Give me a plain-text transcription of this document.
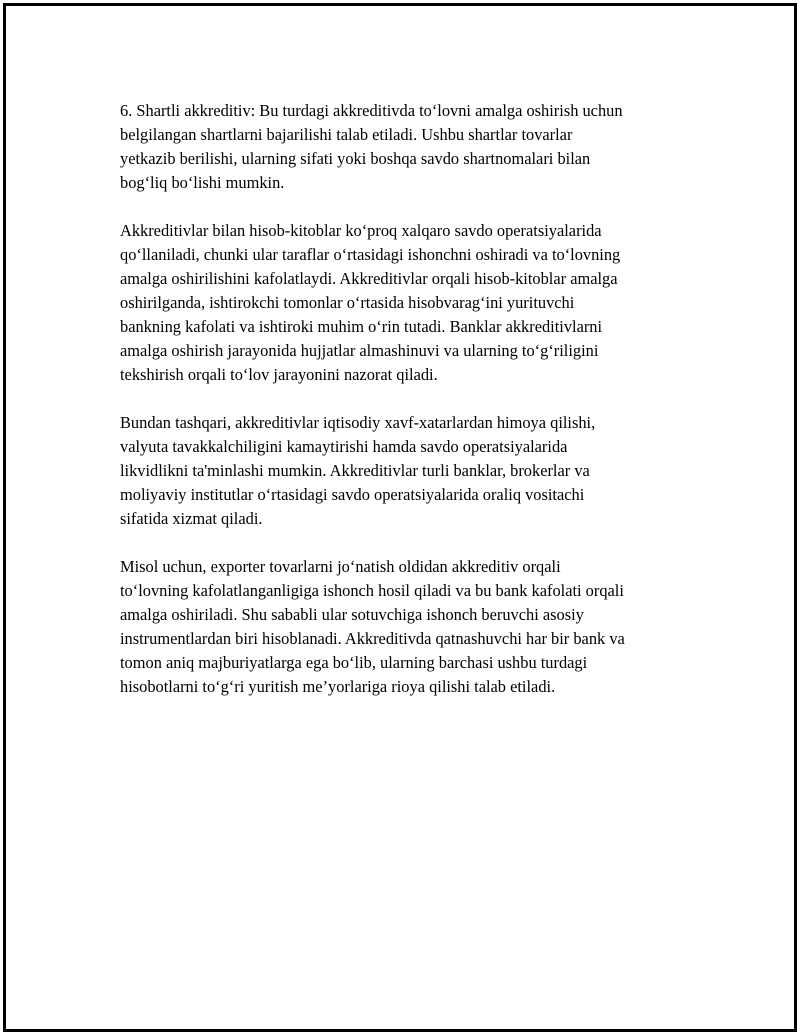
6. Shartli akkreditiv: Bu turdagi akkreditivda to‘lovni amalga oshirish uchun
belgilangan shartlarni bajarilishi talab etiladi. Ushbu shartlar tovarlar
yetkazib berilishi, ularning sifati yoki boshqa savdo shartnomalari bilan
bog‘liq bo‘lishi mumkin.

Akkreditivlar bilan hisob-kitoblar ko‘proq xalqaro savdo operatsiyalarida
qo‘llaniladi, chunki ular taraflar o‘rtasidagi ishonchni oshiradi va to‘lovning
amalga oshirilishini kafolatlaydi. Akkreditivlar orqali hisob-kitoblar amalga
oshirilganda, ishtirokchi tomonlar o‘rtasida hisobvarag‘ini yurituvchi
bankning kafolati va ishtiroki muhim o‘rin tutadi. Banklar akkreditivlarni
amalga oshirish jarayonida hujjatlar almashinuvi va ularning to‘g‘riligini
tekshirish orqali to‘lov jarayonini nazorat qiladi.

Bundan tashqari, akkreditivlar iqtisodiy xavf-xatarlardan himoya qilishi,
valyuta tavakkalchiligini kamaytirishi hamda savdo operatsiyalarida
likvidlikni ta'minlashi mumkin. Akkreditivlar turli banklar, brokerlar va
moliyaviy institutlar o‘rtasidagi savdo operatsiyalarida oraliq vositachi
sifatida xizmat qiladi.

Misol uchun, exporter tovarlarni jo‘natish oldidan akkreditiv orqali
to‘lovning kafolatlanganligiga ishonch hosil qiladi va bu bank kafolati orqali
amalga oshiriladi. Shu sababli ular sotuvchiga ishonch beruvchi asosiy
instrumentlardan biri hisoblanadi. Akkreditivda qatnashuvchi har bir bank va
tomon aniq majburiyatlarga ega bo‘lib, ularning barchasi ushbu turdagi
hisobotlarni to‘g‘ri yuritish me’yorlariga rioya qilishi talab etiladi.
